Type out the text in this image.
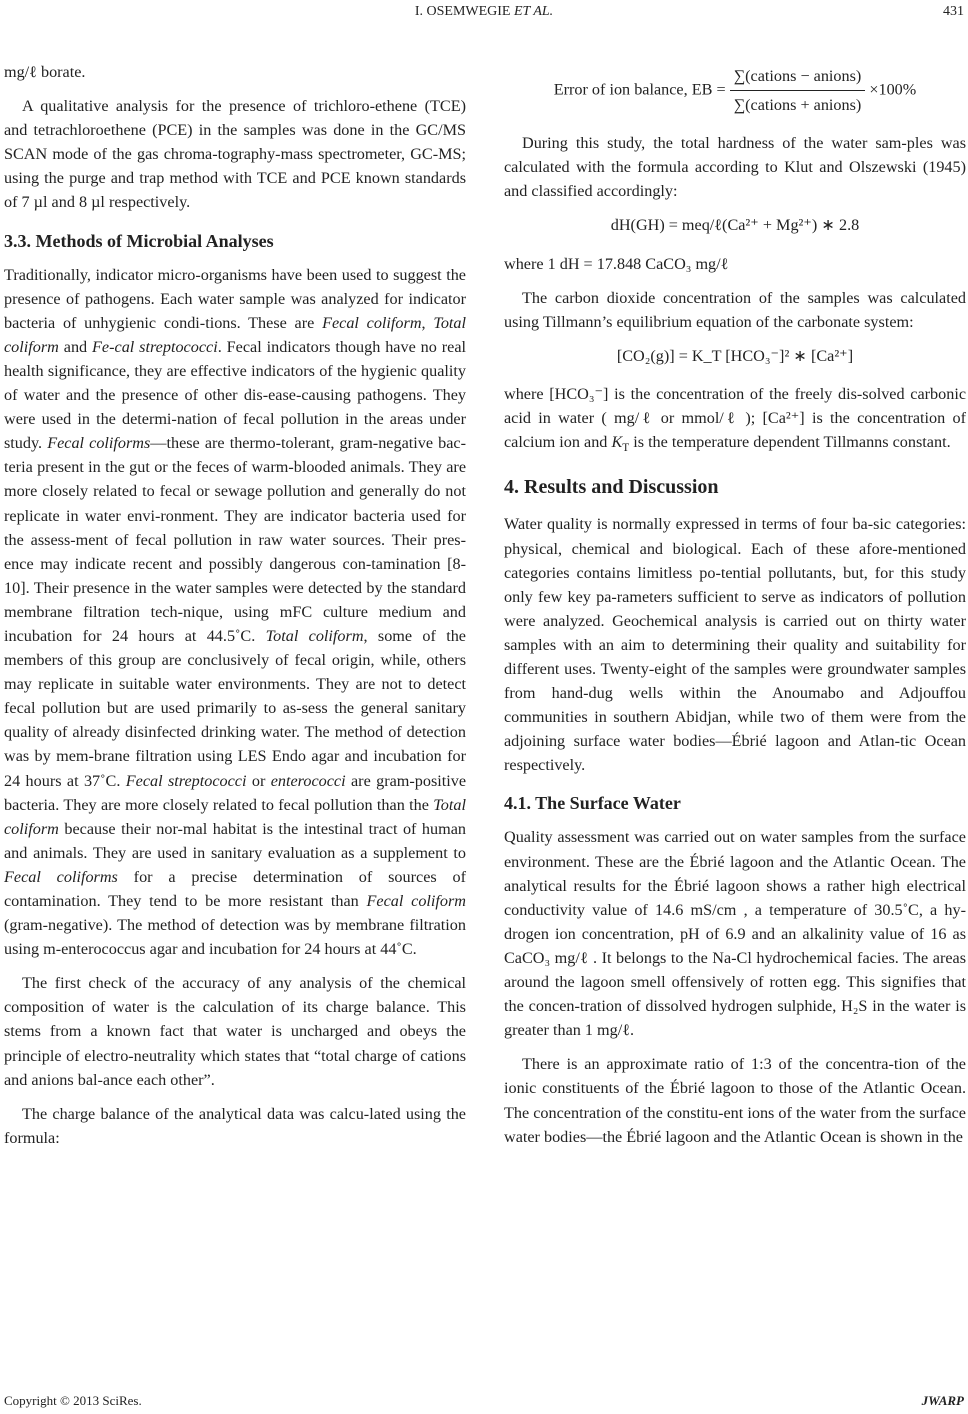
I. OSEMWEGIE ET AL.	431

mg/ℓ borate.

A qualitative analysis for the presence of trichloro-ethene (TCE) and tetrachloroethene (PCE) in the samples was done in the GC/MS SCAN mode of the gas chroma-tography-mass spectrometer, GC-MS; using the purge and trap method with TCE and PCE known standards of 7 µl and 8 µl respectively.

3.3. Methods of Microbial Analyses

Traditionally, indicator micro-organisms have been used to suggest the presence of pathogens. Each water sample was analyzed for indicator bacteria of unhygienic condi-tions. These are Fecal coliform, Total coliform and Fe-cal streptococci. Fecal indicators though have no real health significance, they are effective indicators of the hygienic quality of water and the presence of other dis-ease-causing pathogens. They were used in the determi-nation of fecal pollution in the areas under study. Fecal coliforms—these are thermo-tolerant, gram-negative bac-teria present in the gut or the feces of warm-blooded animals. They are more closely related to fecal or sewage pollution and generally do not replicate in water envi-ronment. They are indicator bacteria used for the assess-ment of fecal pollution in raw water sources. Their pres-ence may indicate recent and possibly dangerous con-tamination [8-10]. Their presence in the water samples were detected by the standard membrane filtration tech-nique, using mFC culture medium and incubation for 24 hours at 44.5˚C. Total coliform, some of the members of this group are conclusively of fecal origin, while, others may replicate in suitable water environments. They are not to detect fecal pollution but are used primarily to as-sess the general sanitary quality of already disinfected drinking water. The method of detection was by mem-brane filtration using LES Endo agar and incubation for 24 hours at 37˚C. Fecal streptococci or enterococci are gram-positive bacteria. They are more closely related to fecal pollution than the Total coliform because their nor-mal habitat is the intestinal tract of human and animals. They are used in sanitary evaluation as a supplement to Fecal coliforms for a precise determination of sources of contamination. They tend to be more resistant than Fecal coliform (gram-negative). The method of detection was by membrane filtration using m-enterococcus agar and incubation for 24 hours at 44˚C.

The first check of the accuracy of any analysis of the chemical composition of water is the calculation of its charge balance. This stems from a known fact that water is uncharged and obeys the principle of electro-neutrality which states that “total charge of cations and anions bal-ance each other”.

The charge balance of the analytical data was calcu-lated using the formula:

Error of ion balance, EB = $\frac{\text{∑(cations − anions)}}{\text{∑(cations + anions)}} \times 100\%$

During this study, the total hardness of the water sam-ples was calculated with the formula according to Klut and Olszewski (1945) and classified accordingly:

dH(GH) = meq/ℓ(Ca²⁺ + Mg²⁺) ∗ 2.8

where 1 dH = 17.848 CaCO₃ mg/ℓ

The carbon dioxide concentration of the samples was calculated using Tillmann’s equilibrium equation of the carbonate system:

[CO₂(g)] = K_T [HCO₃⁻]² ∗ [Ca²⁺]

where [HCO₃⁻] is the concentration of the freely dis-solved carbonic acid in water ( mg/ℓ or mmol/ℓ ); [Ca²⁺] is the concentration of calcium ion and $K_T$ is the temperature dependent Tillmanns constant.

4. Results and Discussion

Water quality is normally expressed in terms of four ba-sic categories: physical, chemical and biological. Each of these afore-mentioned categories contains limitless po-tential pollutants, but, for this study only few key pa-rameters sufficient to serve as indicators of pollution were analyzed. Geochemical analysis is carried out on thirty water samples with an aim to determining their quality and suitability for different uses. Twenty-eight of the samples were groundwater samples from hand-dug wells within the Anoumabo and Adjouffou communities in southern Abidjan, while two of them were from the adjoining surface water bodies—Ébrié lagoon and Atlan-tic Ocean respectively.

4.1. The Surface Water

Quality assessment was carried out on water samples from the surface environment. These are the Ébrié lagoon and the Atlantic Ocean. The analytical results for the Ébrié lagoon shows a rather high electrical conductivity value of 14.6 mS/cm , a temperature of 30.5˚C, a hy-drogen ion concentration, pH of 6.9 and an alkalinity value of 16 as CaCO₃ mg/ℓ . It belongs to the Na-Cl hydrochemical facies. The areas around the lagoon smell offensively of rotten egg. This signifies that the concen-tration of dissolved hydrogen sulphide, H₂S in the water is greater than 1 mg/ℓ.

There is an approximate ratio of 1:3 of the concentra-tion of the ionic constituents of the Ébrié lagoon to those of the Atlantic Ocean. The concentration of the constitu-ent ions of the water from the surface water bodies—the Ébrié lagoon and the Atlantic Ocean is shown in the

Copyright © 2013 SciRes.	JWARP
